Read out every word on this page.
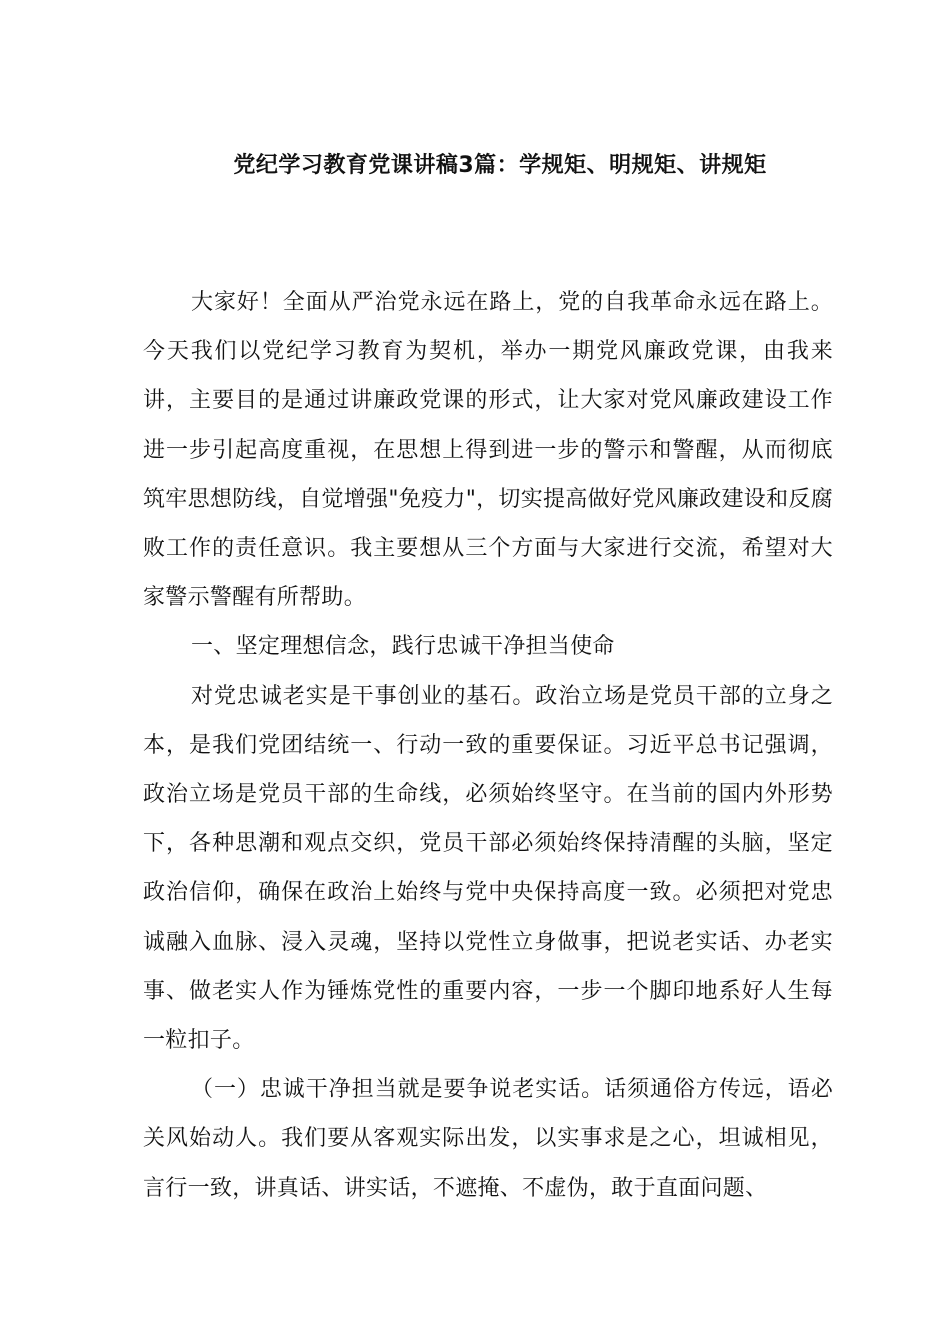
党纪学习教育党课讲稿3篇：学规矩、明规矩、讲规矩

大家好！全面从严治党永远在路上，党的自我革命永远在路上。今天我们以党纪学习教育为契机，举办一期党风廉政党课，由我来讲，主要目的是通过讲廉政党课的形式，让大家对党风廉政建设工作进一步引起高度重视，在思想上得到进一步的警示和警醒，从而彻底筑牢思想防线，自觉增强"免疫力"，切实提高做好党风廉政建设和反腐败工作的责任意识。我主要想从三个方面与大家进行交流，希望对大家警示警醒有所帮助。

一、坚定理想信念，践行忠诚干净担当使命

对党忠诚老实是干事创业的基石。政治立场是党员干部的立身之本，是我们党团结统一、行动一致的重要保证。习近平总书记强调，政治立场是党员干部的生命线，必须始终坚守。在当前的国内外形势下，各种思潮和观点交织，党员干部必须始终保持清醒的头脑，坚定政治信仰，确保在政治上始终与党中央保持高度一致。必须把对党忠诚融入血脉、浸入灵魂，坚持以党性立身做事，把说老实话、办老实事、做老实人作为锤炼党性的重要内容，一步一个脚印地系好人生每一粒扣子。

（一）忠诚干净担当就是要争说老实话。话须通俗方传远，语必关风始动人。我们要从客观实际出发，以实事求是之心，坦诚相见，言行一致，讲真话、讲实话，不遮掩、不虚伪，敢于直面问题、
